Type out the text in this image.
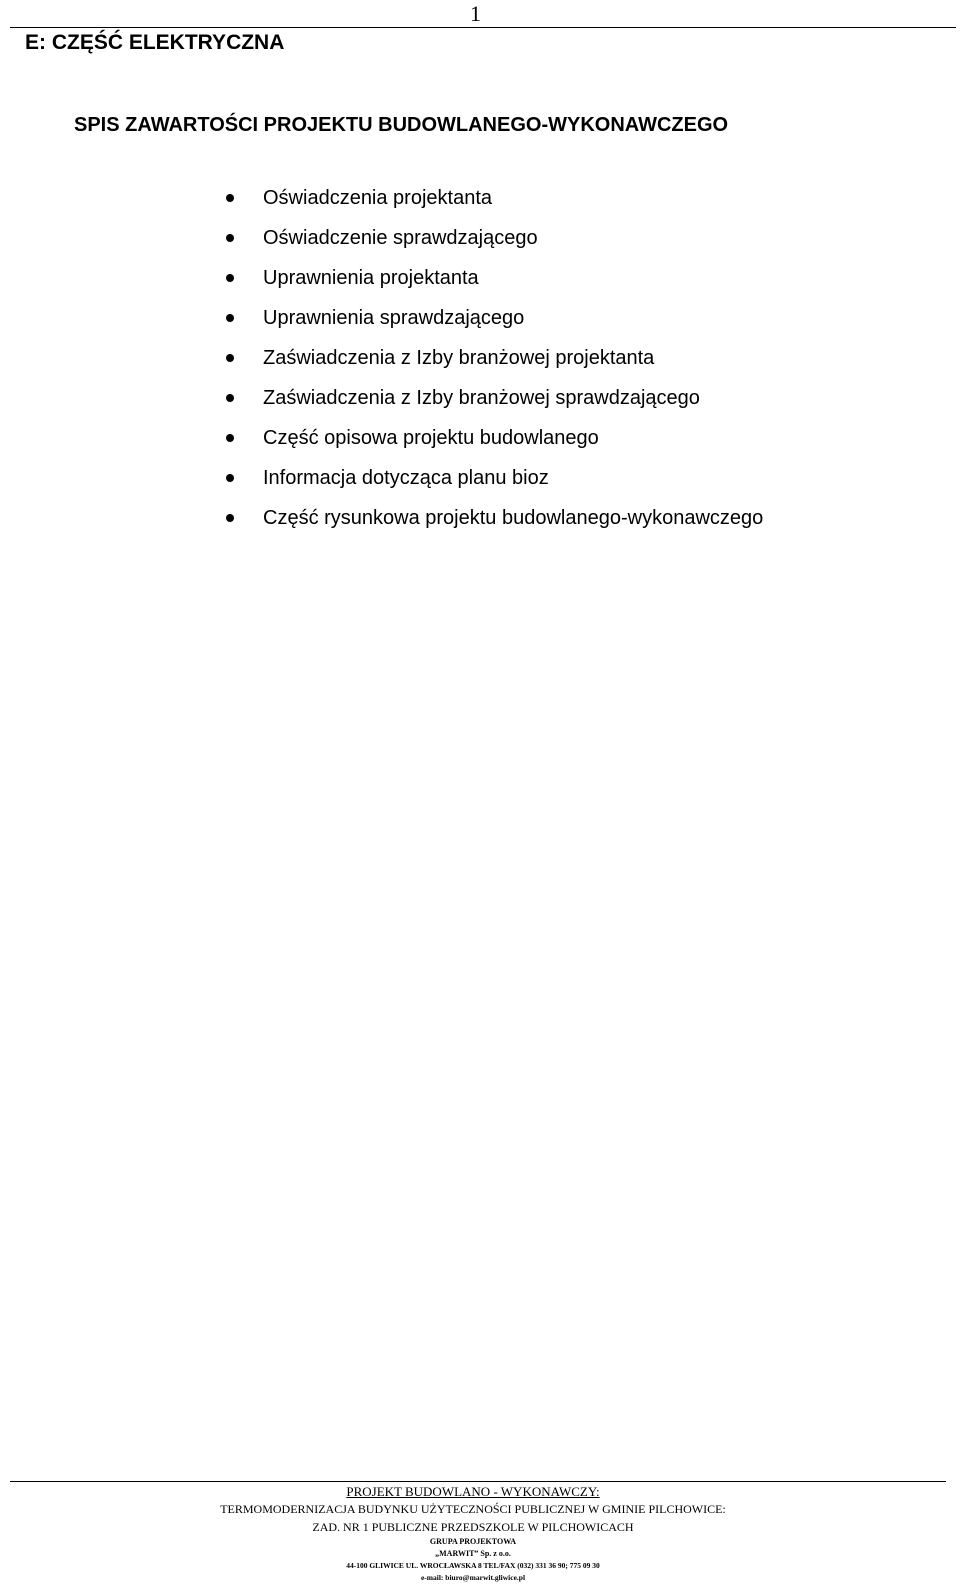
1
E: CZĘŚĆ ELEKTRYCZNA
SPIS ZAWARTOŚCI PROJEKTU BUDOWLANEGO-WYKONAWCZEGO
Oświadczenia projektanta
Oświadczenie sprawdzającego
Uprawnienia projektanta
Uprawnienia sprawdzającego
Zaświadczenia z Izby branżowej projektanta
Zaświadczenia z Izby branżowej sprawdzającego
Część opisowa projektu budowlanego
Informacja dotycząca planu bioz
Część rysunkowa projektu budowlanego-wykonawczego
PROJEKT BUDOWLANO - WYKONAWCZY:
TERMOMODERNIZACJA BUDYNKU UŻYTECZNOŚCI PUBLICZNEJ W GMINIE PILCHOWICE:
ZAD. NR 1 PUBLICZNE PRZEDSZKOLE W PILCHOWICACH
GRUPA PROJEKTOWA
„MARWIT” Sp. z o.o.
44-100 GLIWICE UL. WROCŁAWSKA 8 TEL/FAX (032) 331 36 90; 775 09 30
e-mail: biuro@marwit.gliwice.pl
